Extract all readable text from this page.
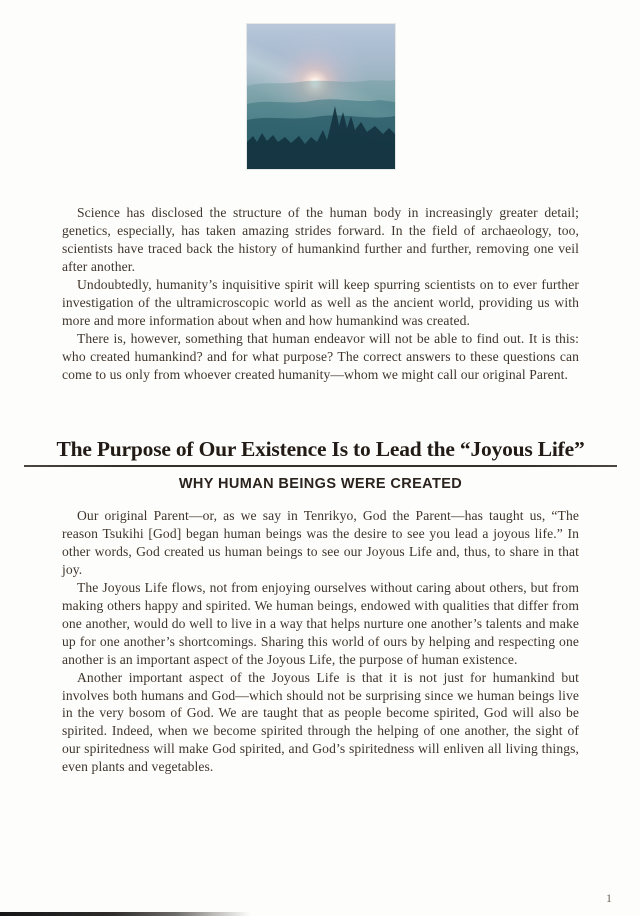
Science has disclosed the structure of the human body in increasingly greater detail; genetics, especially, has taken amazing strides forward. In the field of archaeology, too, scientists have traced back the history of humankind further and further, removing one veil after another.

Undoubtedly, humanity’s inquisitive spirit will keep spurring scientists on to ever further investigation of the ultramicroscopic world as well as the ancient world, providing us with more and more information about when and how humankind was created.

There is, however, something that human endeavor will not be able to find out. It is this: who created humankind? and for what purpose? The correct answers to these questions can come to us only from whoever created humanity—whom we might call our original Parent.

The Purpose of Our Existence Is to Lead the “Joyous Life”
WHY HUMAN BEINGS WERE CREATED

Our original Parent—or, as we say in Tenrikyo, God the Parent—has taught us, “The reason Tsukihi [God] began human beings was the desire to see you lead a joyous life.” In other words, God created us human beings to see our Joyous Life and, thus, to share in that joy.

The Joyous Life flows, not from enjoying ourselves without caring about others, but from making others happy and spirited. We human beings, endowed with qualities that differ from one another, would do well to live in a way that helps nurture one another’s talents and make up for one another’s shortcomings. Sharing this world of ours by helping and respecting one another is an important aspect of the Joyous Life, the purpose of human existence.

Another important aspect of the Joyous Life is that it is not just for humankind but involves both humans and God—which should not be surprising since we human beings live in the very bosom of God. We are taught that as people become spirited, God will also be spirited. Indeed, when we become spirited through the helping of one another, the sight of our spiritedness will make God spirited, and God’s spiritedness will enliven all living things, even plants and vegetables.

1
